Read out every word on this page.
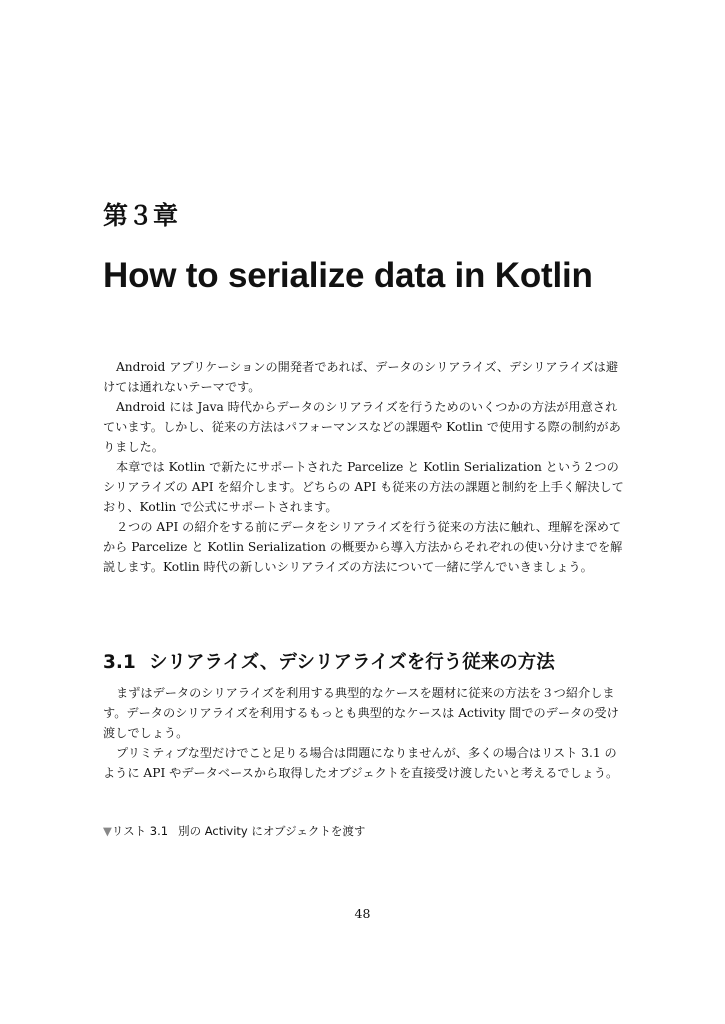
第３章
How to serialize data in Kotlin

Android アプリケーションの開発者であれば、データのシリアライズ、デシリアライズは避けては通れないテーマです。

Android には Java 時代からデータのシリアライズを行うためのいくつかの方法が用意されています。しかし、従来の方法はパフォーマンスなどの課題や Kotlin で使用する際の制約がありました。

本章では Kotlin で新たにサポートされた Parcelize と Kotlin Serialization という２つのシリアライズの API を紹介します。どちらの API も従来の方法の課題と制約を上手く解決しており、Kotlin で公式にサポートされます。

２つの API の紹介をする前にデータをシリアライズを行う従来の方法に触れ、理解を深めてから Parcelize と Kotlin Serialization の概要から導入方法からそれぞれの使い分けまでを解説します。Kotlin 時代の新しいシリアライズの方法について一緒に学んでいきましょう。

3.1 シリアライズ、デシリアライズを行う従来の方法

まずはデータのシリアライズを利用する典型的なケースを題材に従来の方法を３つ紹介します。データのシリアライズを利用するもっとも典型的なケースは Activity 間でのデータの受け渡しでしょう。

プリミティブな型だけでこと足りる場合は問題になりませんが、多くの場合はリスト 3.1 のように API やデータベースから取得したオブジェクトを直接受け渡したいと考えるでしょう。

▼リスト 3.1 別の Activity にオブジェクトを渡す
48
